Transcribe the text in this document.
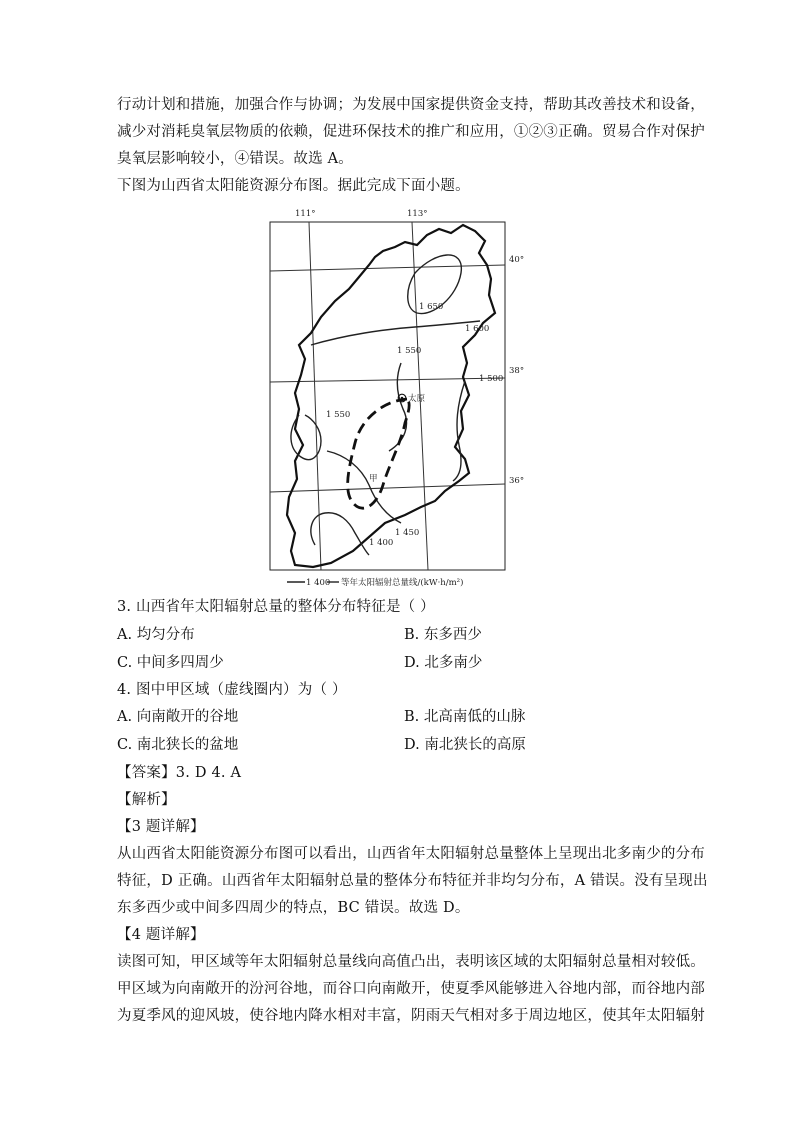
行动计划和措施，加强合作与协调；为发展中国家提供资金支持，帮助其改善技术和设备，
减少对消耗臭氧层物质的依赖，促进环保技术的推广和应用，①②③正确。贸易合作对保护
臭氧层影响较小，④错误。故选 A。
下图为山西省太阳能资源分布图。据此完成下面小题。
111°	113°
40°
38°
36°
1 650
1 600
1 550
1 500
1 550
1 450
1 400
太原
甲
1 400 等年太阳辐射总量线/(kW·h/m²)
3. 山西省年太阳辐射总量的整体分布特征是（ ）
A. 均匀分布	B. 东多西少
C. 中间多四周少	D. 北多南少
4. 图中甲区域（虚线圈内）为（ ）
A. 向南敞开的谷地	B. 北高南低的山脉
C. 南北狭长的盆地	D. 南北狭长的高原
【答案】3. D 4. A
【解析】
【3 题详解】
从山西省太阳能资源分布图可以看出，山西省年太阳辐射总量整体上呈现出北多南少的分布
特征，D 正确。山西省年太阳辐射总量的整体分布特征并非均匀分布，A 错误。没有呈现出
东多西少或中间多四周少的特点，BC 错误。故选 D。
【4 题详解】
读图可知，甲区域等年太阳辐射总量线向高值凸出，表明该区域的太阳辐射总量相对较低。
甲区域为向南敞开的汾河谷地，而谷口向南敞开，使夏季风能够进入谷地内部，而谷地内部
为夏季风的迎风坡，使谷地内降水相对丰富，阴雨天气相对多于周边地区，使其年太阳辐射
